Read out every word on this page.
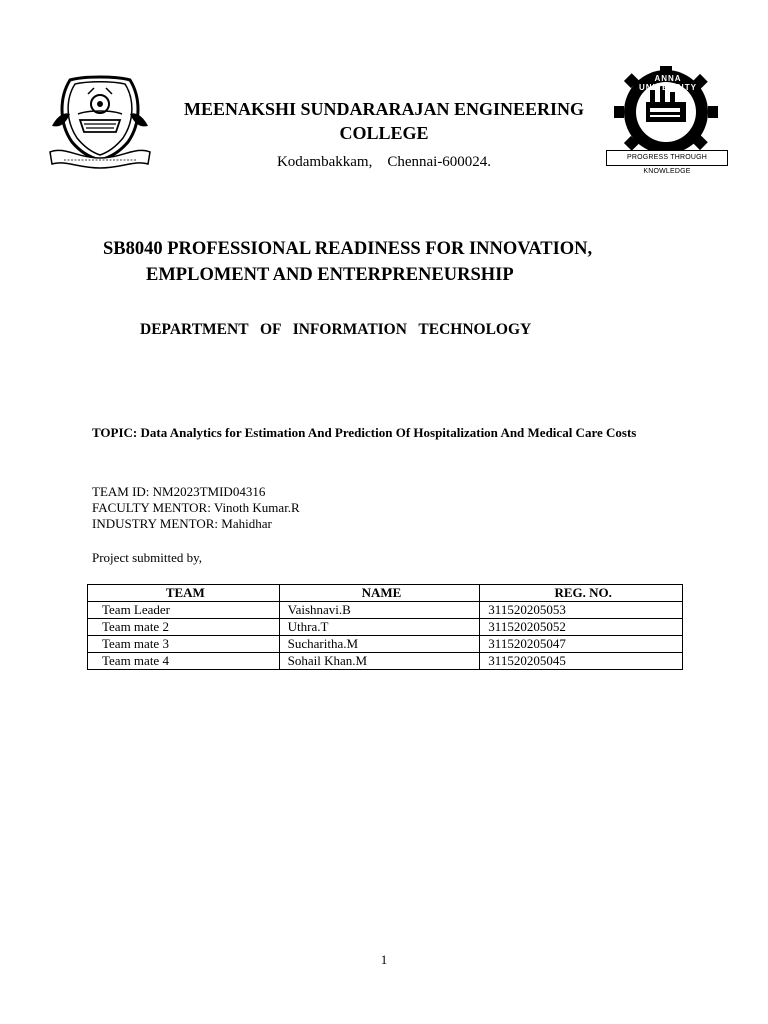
ANNA UNIVERSITY
PROGRESS THROUGH KNOWLEDGE
MEENAKSHI SUNDARARAJAN ENGINEERING COLLEGE
Kodambakkam,    Chennai-600024.
SB8040 PROFESSIONAL READINESS FOR INNOVATION,
EMPLOMENT AND ENTERPRENEURSHIP
DEPARTMENT  OF  INFORMATION  TECHNOLOGY
TOPIC: Data Analytics for Estimation And Prediction Of Hospitalization And Medical Care Costs
TEAM ID: NM2023TMID04316
FACULTY MENTOR: Vinoth Kumar.R
INDUSTRY MENTOR: Mahidhar
Project submitted by,
TEAM	NAME	REG. NO.
Team Leader	Vaishnavi.B	311520205053
Team mate 2	Uthra.T	311520205052
Team mate 3	Sucharitha.M	311520205047
Team mate 4	Sohail Khan.M	311520205045
1
